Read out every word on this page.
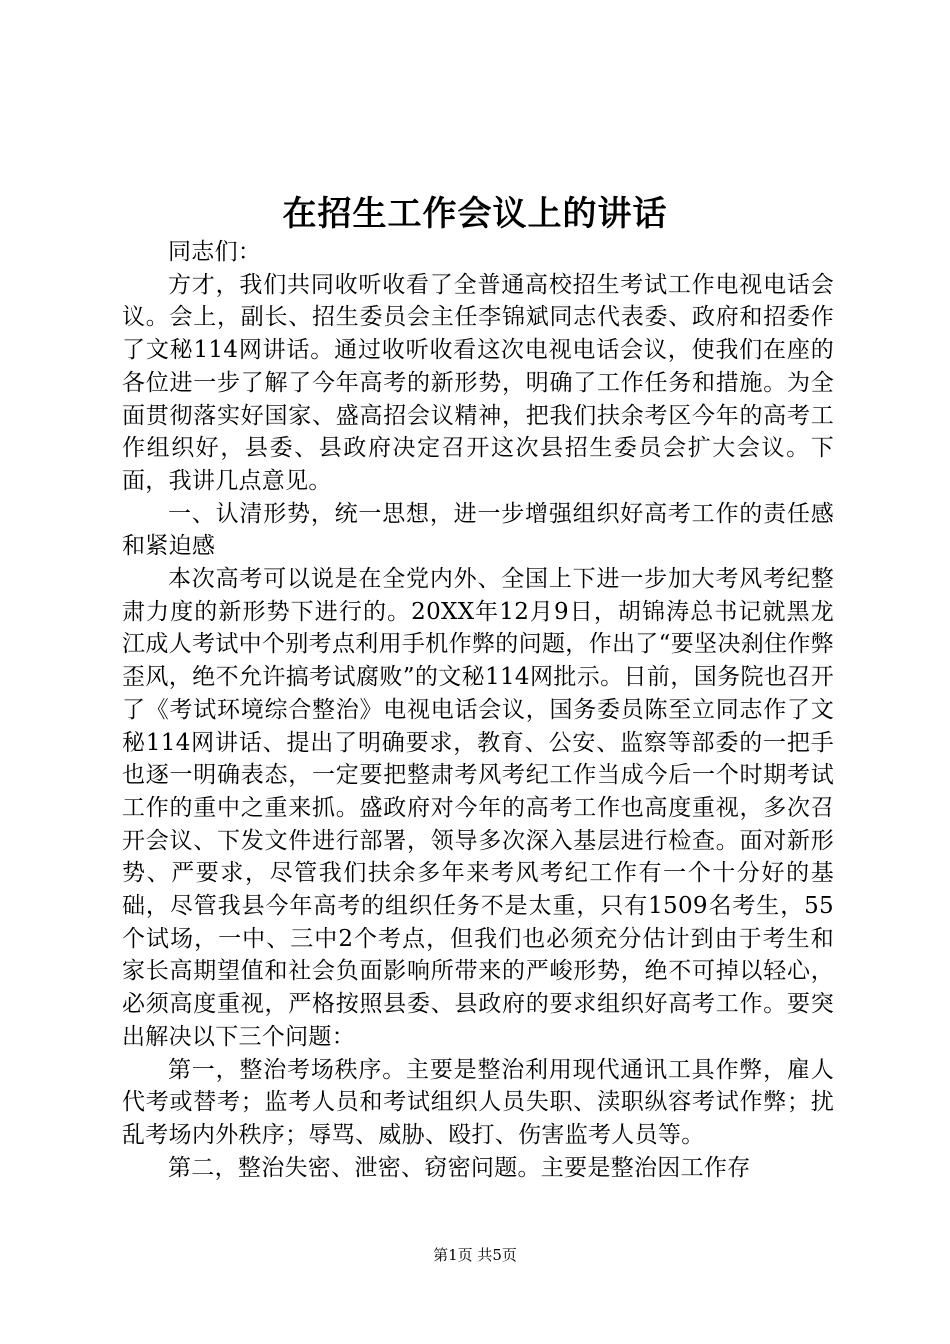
在招生工作会议上的讲话

同志们：

方才，我们共同收听收看了全普通高校招生考试工作电视电话会议。会上，副长、招生委员会主任李锦斌同志代表委、政府和招委作了文秘114网讲话。通过收听收看这次电视电话会议，使我们在座的各位进一步了解了今年高考的新形势，明确了工作任务和措施。为全面贯彻落实好国家、盛高招会议精神，把我们扶余考区今年的高考工作组织好，县委、县政府决定召开这次县招生委员会扩大会议。下面，我讲几点意见。

一、认清形势，统一思想，进一步增强组织好高考工作的责任感和紧迫感

本次高考可以说是在全党内外、全国上下进一步加大考风考纪整肃力度的新形势下进行的。20XX年12月9日，胡锦涛总书记就黑龙江成人考试中个别考点利用手机作弊的问题，作出了“要坚决刹住作弊歪风，绝不允许搞考试腐败”的文秘114网批示。日前，国务院也召开了《考试环境综合整治》电视电话会议，国务委员陈至立同志作了文秘114网讲话、提出了明确要求，教育、公安、监察等部委的一把手也逐一明确表态，一定要把整肃考风考纪工作当成今后一个时期考试工作的重中之重来抓。盛政府对今年的高考工作也高度重视，多次召开会议、下发文件进行部署，领导多次深入基层进行检查。面对新形势、严要求，尽管我们扶余多年来考风考纪工作有一个十分好的基础，尽管我县今年高考的组织任务不是太重，只有1509名考生，55个试场，一中、三中2个考点，但我们也必须充分估计到由于考生和家长高期望值和社会负面影响所带来的严峻形势，绝不可掉以轻心，必须高度重视，严格按照县委、县政府的要求组织好高考工作。要突出解决以下三个问题：

第一，整治考场秩序。主要是整治利用现代通讯工具作弊，雇人代考或替考；监考人员和考试组织人员失职、渎职纵容考试作弊；扰乱考场内外秩序；辱骂、威胁、殴打、伤害监考人员等。

第二，整治失密、泄密、窃密问题。主要是整治因工作存

第1页 共5页
